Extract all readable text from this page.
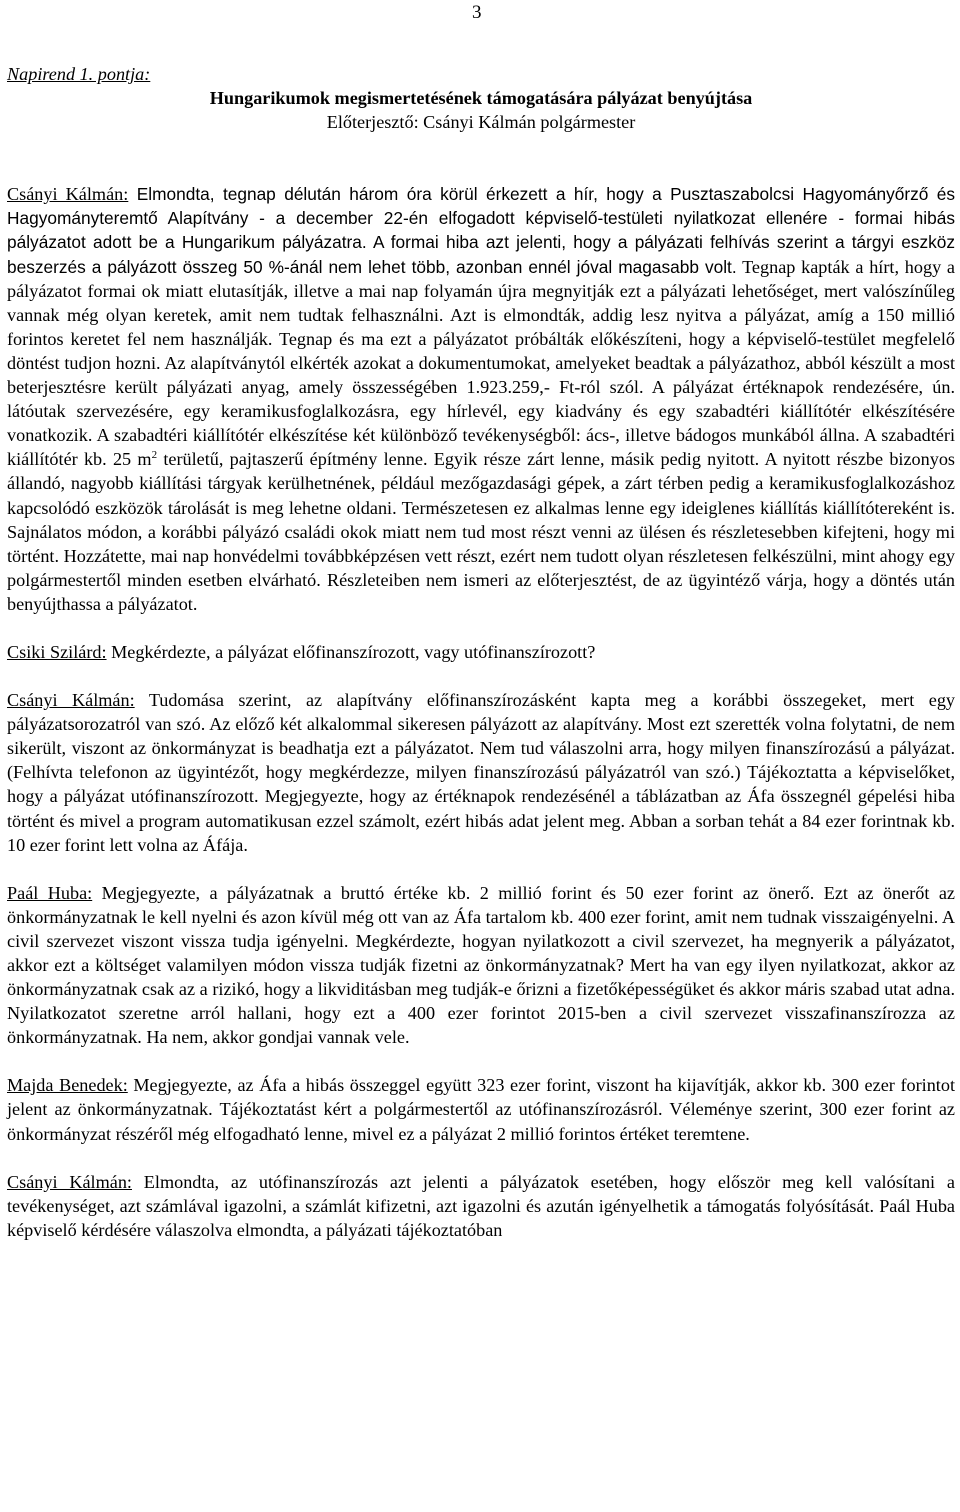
3
Napirend 1. pontja:
Hungarikumok megismertetésének támogatására pályázat benyújtása
Előterjesztő: Csányi Kálmán polgármester

Csányi Kálmán: Elmondta, tegnap délután három óra körül érkezett a hír, hogy a Pusztaszabolcsi Hagyományőrző és Hagyományteremtő Alapítvány - a december 22-én elfogadott képviselő-testületi nyilatkozat ellenére - formai hibás pályázatot adott be a Hungarikum pályázatra. A formai hiba azt jelenti, hogy a pályázati felhívás szerint a tárgyi eszköz beszerzés a pályázott összeg 50 %-ánál nem lehet több, azonban ennél jóval magasabb volt. Tegnap kapták a hírt, hogy a pályázatot formai ok miatt elutasítják, illetve a mai nap folyamán újra megnyitják ezt a pályázati lehetőséget, mert valószínűleg vannak még olyan keretek, amit nem tudtak felhasználni. Azt is elmondták, addig lesz nyitva a pályázat, amíg a 150 millió forintos keretet fel nem használják. Tegnap és ma ezt a pályázatot próbálták előkészíteni, hogy a képviselő-testület megfelelő döntést tudjon hozni. Az alapítványtól elkérték azokat a dokumentumokat, amelyeket beadtak a pályázathoz, abból készült a most beterjesztésre került pályázati anyag, amely összességében 1.923.259,- Ft-ról szól. A pályázat értéknapok rendezésére, ún. látóutak szervezésére, egy keramikusfoglalkozásra, egy hírlevél, egy kiadvány és egy szabadtéri kiállítótér elkészítésére vonatkozik. A szabadtéri kiállítótér elkészítése két különböző tevékenységből: ács-, illetve bádogos munkából állna. A szabadtéri kiállítótér kb. 25 $m^2$ területű, pajtaszerű építmény lenne. Egyik része zárt lenne, másik pedig nyitott. A nyitott részbe bizonyos állandó, nagyobb kiállítási tárgyak kerülhetnének, például mezőgazdasági gépek, a zárt térben pedig a keramikusfoglalkozáshoz kapcsolódó eszközök tárolását is meg lehetne oldani. Természetesen ez alkalmas lenne egy ideiglenes kiállítás kiállítótereként is. Sajnálatos módon, a korábbi pályázó családi okok miatt nem tud most részt venni az ülésen és részletesebben kifejteni, hogy mi történt. Hozzátette, mai nap honvédelmi továbbképzésen vett részt, ezért nem tudott olyan részletesen felkészülni, mint ahogy egy polgármestertől minden esetben elvárható. Részleteiben nem ismeri az előterjesztést, de az ügyintéző várja, hogy a döntés után benyújthassa a pályázatot.

Csiki Szilárd: Megkérdezte, a pályázat előfinanszírozott, vagy utófinanszírozott?

Csányi Kálmán: Tudomása szerint, az alapítvány előfinanszírozásként kapta meg a korábbi összegeket, mert egy pályázatsorozatról van szó. Az előző két alkalommal sikeresen pályázott az alapítvány. Most ezt szerették volna folytatni, de nem sikerült, viszont az önkormányzat is beadhatja ezt a pályázatot. Nem tud válaszolni arra, hogy milyen finanszírozású a pályázat. (Felhívta telefonon az ügyintézőt, hogy megkérdezze, milyen finanszírozású pályázatról van szó.) Tájékoztatta a képviselőket, hogy a pályázat utófinanszírozott. Megjegyezte, hogy az értéknapok rendezésénél a táblázatban az Áfa összegnél gépelési hiba történt és mivel a program automatikusan ezzel számolt, ezért hibás adat jelent meg. Abban a sorban tehát a 84 ezer forintnak kb. 10 ezer forint lett volna az Áfája.

Paál Huba: Megjegyezte, a pályázatnak a bruttó értéke kb. 2 millió forint és 50 ezer forint az önerő. Ezt az önerőt az önkormányzatnak le kell nyelni és azon kívül még ott van az Áfa tartalom kb. 400 ezer forint, amit nem tudnak visszaigényelni. A civil szervezet viszont vissza tudja igényelni. Megkérdezte, hogyan nyilatkozott a civil szervezet, ha megnyerik a pályázatot, akkor ezt a költséget valamilyen módon vissza tudják fizetni az önkormányzatnak? Mert ha van egy ilyen nyilatkozat, akkor az önkormányzatnak csak az a rizikó, hogy a likviditásban meg tudják-e őrizni a fizetőképességüket és akkor máris szabad utat adna. Nyilatkozatot szeretne arról hallani, hogy ezt a 400 ezer forintot 2015-ben a civil szervezet visszafinanszírozza az önkormányzatnak. Ha nem, akkor gondjai vannak vele.

Majda Benedek: Megjegyezte, az Áfa a hibás összeggel együtt 323 ezer forint, viszont ha kijavítják, akkor kb. 300 ezer forintot jelent az önkormányzatnak. Tájékoztatást kért a polgármestertől az utófinanszírozásról. Véleménye szerint, 300 ezer forint az önkormányzat részéről még elfogadható lenne, mivel ez a pályázat 2 millió forintos értéket teremtene.

Csányi Kálmán: Elmondta, az utófinanszírozás azt jelenti a pályázatok esetében, hogy először meg kell valósítani a tevékenységet, azt számlával igazolni, a számlát kifizetni, azt igazolni és azután igényelhetik a támogatás folyósítását. Paál Huba képviselő kérdésére válaszolva elmondta, a pályázati tájékoztatóban
